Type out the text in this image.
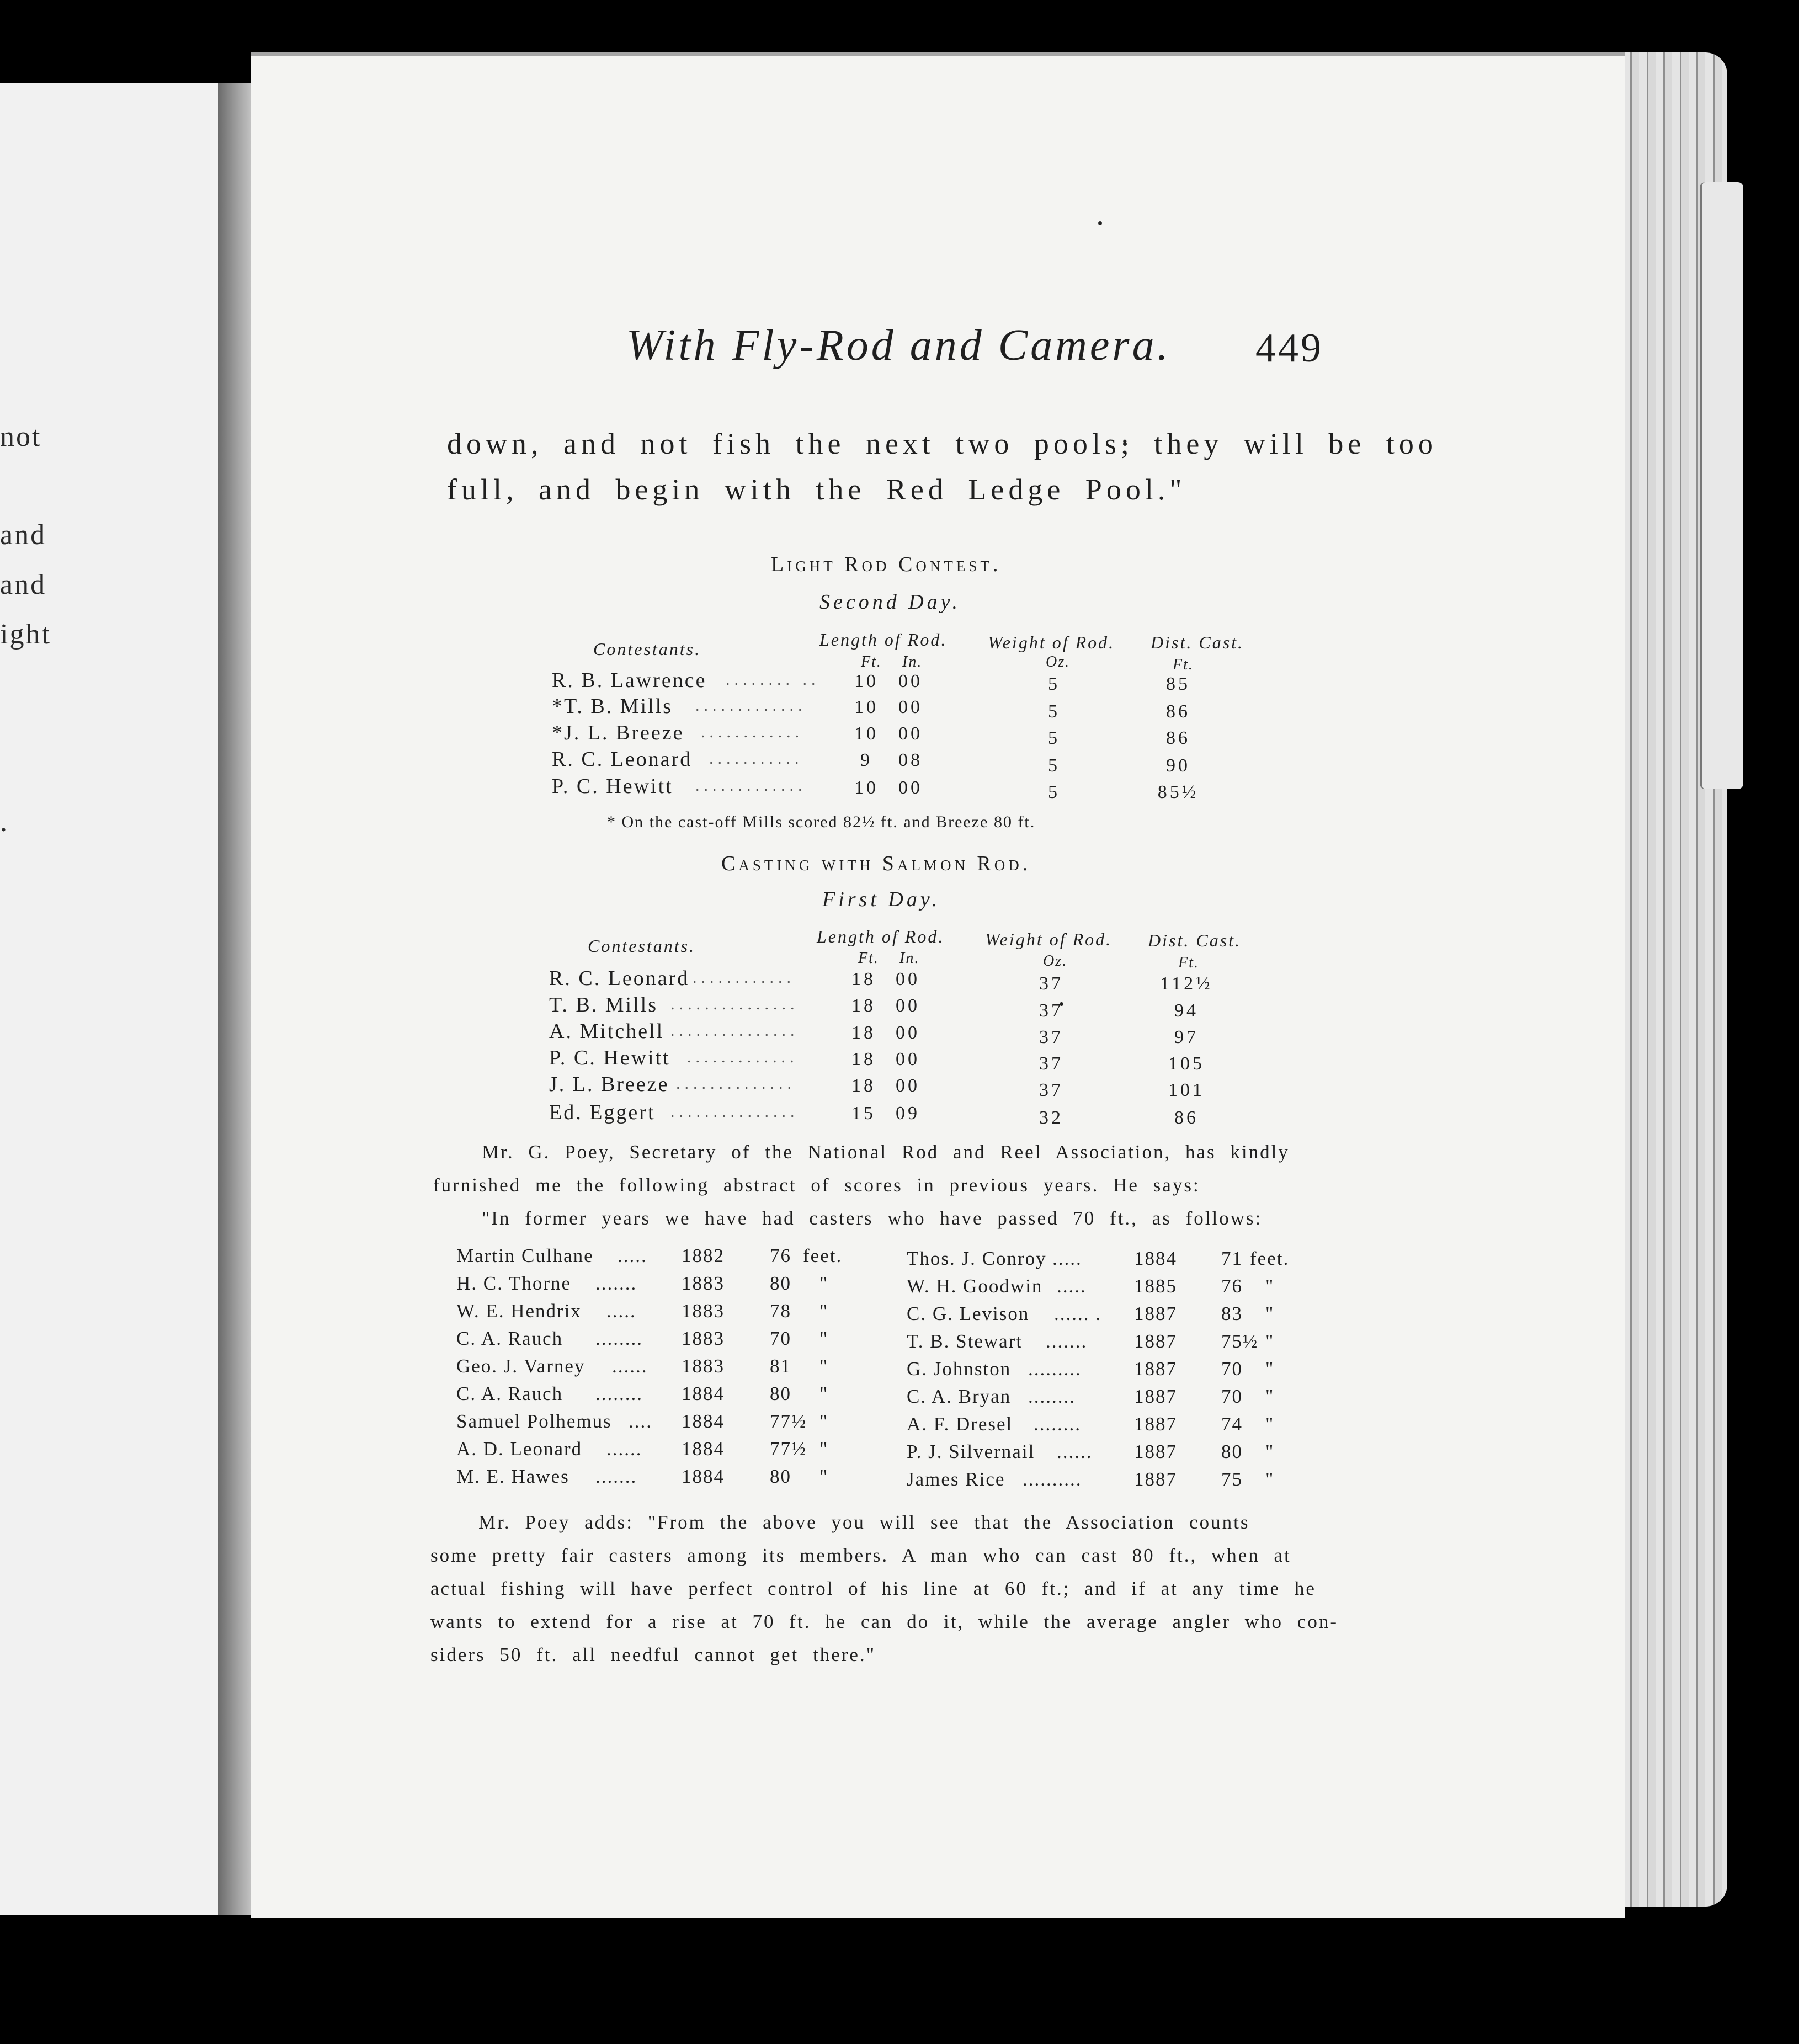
not
and
and
ight
.
With Fly-Rod and Camera. 449
down, and not fish the next two pools; they will be too
full, and begin with the Red Ledge Pool."
Light Rod Contest.
Second Day.
Contestants.	Length of Rod. Weight of Rod. Dist. Cast.
Ft. In.	Oz.	Ft.
R. B. Lawrence ........ ..	10	00	5	85
*T. B. Mills .............	10	00	5	86
*J. L. Breeze ............	10	00	5	86
R. C. Leonard ...........	9	08	5	90
P. C. Hewitt .............	10	00	5	85½
* On the cast-off Mills scored 82½ ft. and Breeze 80 ft.
Casting with Salmon Rod.
First Day.
Contestants.	Length of Rod. Weight of Rod. Dist. Cast.
Ft. In.	Oz.	Ft.
R. C. Leonard ............	18	00	37	112½
T. B. Mills ...............	18	00	37	94
A. Mitchell ...............	18	00	37	97
P. C. Hewitt .............	18	00	37	105
J. L. Breeze ..............	18	00	37	101
Ed. Eggert ...............	15	09	32	86
Mr. G. Poey, Secretary of the National Rod and Reel Association, has kindly
furnished me the following abstract of scores in previous years. He says:
"In former years we have had casters who have passed 70 ft., as follows:
Martin Culhane ..... 1882 76 feet.
H. C. Thorne ....... 1883 80 "
W. E. Hendrix ..... 1883 78 "
C. A. Rauch ........ 1883 70 "
Geo. J. Varney ...... 1883 81 "
C. A. Rauch ........ 1884 80 "
Samuel Polhemus .... 1884 77½ "
A. D. Leonard ...... 1884 77½ "
M. E. Hawes ....... 1884 80 "
Thos. J. Conroy .....	1884 71 feet.
W. H. Goodwin ..... 1885 76 "
C. G. Levison ...... . 1887 83 "
T. B. Stewart ....... 1887 75½ "
G. Johnston .........	1887 70 "
C. A. Bryan ........	1887 70 "
A. F. Dresel ........	1887 74 "
P. J. Silvernail ...... 1887 80 "
James Rice ..........	1887 75 "
Mr. Poey adds: "From the above you will see that the Association counts
some pretty fair casters among its members. A man who can cast 80 ft., when at
actual fishing will have perfect control of his line at 60 ft.; and if at any time he
wants to extend for a rise at 70 ft. he can do it, while the average angler who con-
siders 50 ft. all needful cannot get there."
